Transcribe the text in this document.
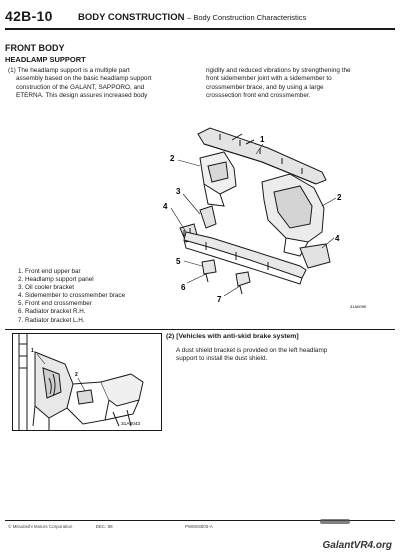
42B-10	BODY CONSTRUCTION – Body Construction Characteristics
FRONT BODY
HEADLAMP SUPPORT
(1) The headlamp support is a multiple part
assembly based on the basic headlamp support
construction of the GALANT, SAPPORO, and
ETERNA. This design assures increased body
rigidity and reduced vibrations by strengthening the
front sidemember joint with a sidemember to
crossmember brace, and by using a large
crosssection front end crossmember.
1
2
3
4
2
4
5
6
7
31A0099
1. Front end upper bar
2. Headlamp support panel
3. Oil cooler bracket
4. Sidemember to crossmember brace
5. Front end crossmember
6. Radiator bracket R.H.
7. Radiator bracket L.H.
1
2
31A0043
(2) [Vehicles with anti-skid brake system]
A dust shield bracket is provided on the left headlamp
support to install the dust shield.
© Mitsubishi Motors Corporation	DEC. 88	PWEE8503-A
GalantVR4.org
